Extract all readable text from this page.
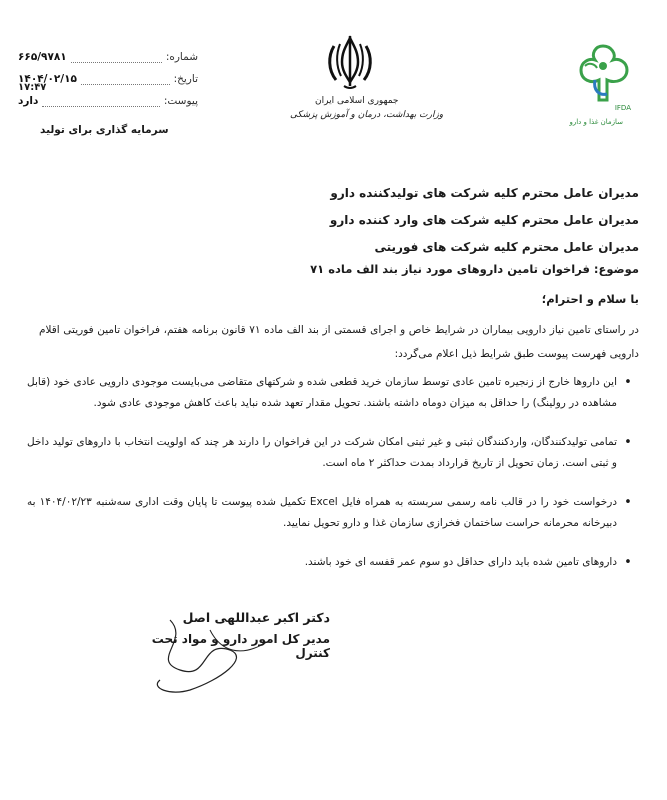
شماره:
۶۶۵/۹۷۸۱
تاریخ:
۱۴۰۴/۰۲/۱۵
پیوست:
دارد
۱۷:۴۷
سرمایه گذاری برای تولید
جمهوری اسلامی ایران
وزارت بهداشت، درمان و آموزش پزشکی
IFDA
سازمان غذا و دارو
مدیران عامل محترم کلیه شرکت های تولیدکننده دارو
مدیران عامل محترم کلیه شرکت های وارد کننده دارو
مدیران عامل محترم کلیه شرکت های فوریتی
موضوع: فراخوان تامین داروهای مورد نیاز بند الف ماده ۷۱
با سلام و احترام؛
در راستای تامین نیاز دارویی بیماران در شرایط خاص و اجرای قسمتی از بند الف ماده ۷۱ قانون برنامه هفتم، فراخوان تامین فوریتی اقلام دارویی فهرست پیوست طبق شرایط ذیل اعلام می‌گردد:
•
این داروها خارج از زنجیره تامین عادی توسط سازمان خرید قطعی شده و شرکتهای متقاضی می‌بایست موجودی دارویی عادی خود (قابل مشاهده در رولینگ) را حداقل به میزان دوماه داشته باشند. تحویل مقدار تعهد شده نباید باعث کاهش موجودی عادی شود.
•
تمامی تولیدکنندگان، واردکنندگان ثبتی و غیر ثبتی امکان شرکت در این فراخوان را دارند هر چند که اولویت انتخاب با داروهای تولید داخل و ثبتی است. زمان تحویل از تاریخ قرارداد بمدت حداکثر ۲ ماه است.
•
درخواست خود را در قالب نامه رسمی سربسته به همراه فایل Excel تکمیل شده پیوست تا پایان وقت اداری سه‌شنبه ۱۴۰۴/۰۲/۲۳ به دبیرخانه محرمانه حراست ساختمان فخرازی سازمان غذا و دارو تحویل نمایید.
•
داروهای تامین شده باید دارای حداقل دو سوم عمر قفسه ای خود باشند.
دکتر اکبر عبداللهی اصل
مدیر کل امور دارو و مواد تحت کنترل
